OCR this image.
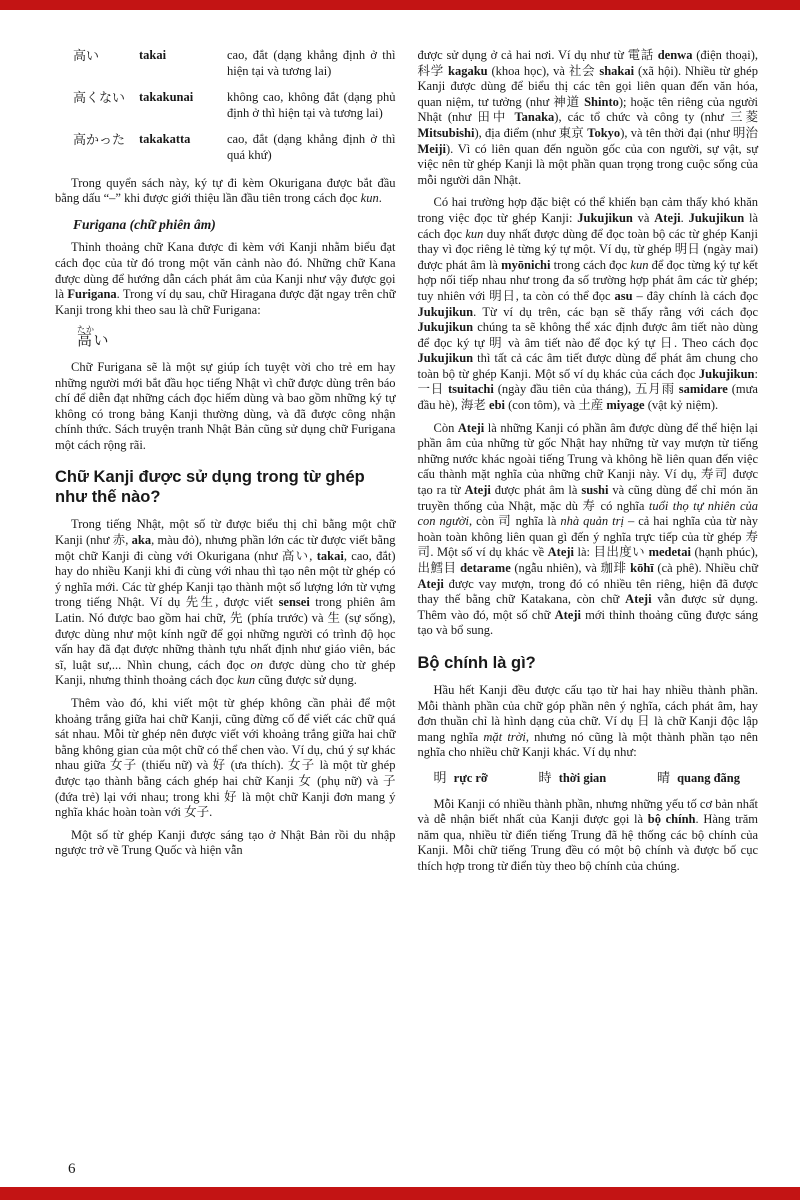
高い	takai	cao, đắt (dạng khẳng định ở thì hiện tại và tương lai)
高くない	takakunai	không cao, không đắt (dạng phủ định ở thì hiện tại và tương lai)
高かった	takakatta	cao, đắt (dạng khẳng định ở thì quá khứ)

Trong quyển sách này, ký tự đi kèm Okurigana được bắt đầu bằng dấu “–” khi được giới thiệu lần đầu tiên trong cách đọc kun.

Furigana (chữ phiên âm)

Thỉnh thoảng chữ Kana được đi kèm với Kanji nhằm biểu đạt cách đọc của từ đó trong một văn cảnh nào đó. Những chữ Kana được dùng để hướng dẫn cách phát âm của Kanji như vậy được gọi là Furigana. Trong ví dụ sau, chữ Hiragana được đặt ngay trên chữ Kanji trong khi theo sau là chữ Furigana:

高たかい

Chữ Furigana sẽ là một sự giúp ích tuyệt vời cho trẻ em hay những người mới bắt đầu học tiếng Nhật vì chữ được dùng trên báo chí để diễn đạt những cách đọc hiếm dùng và bao gồm những ký tự không có trong bảng Kanji thường dùng, và đã được công nhận chính thức. Sách truyện tranh Nhật Bản cũng sử dụng chữ Furigana một cách rộng rãi.

Chữ Kanji được sử dụng trong từ ghép như thế nào?

Trong tiếng Nhật, một số từ được biểu thị chỉ bằng một chữ Kanji (như 赤, aka, màu đỏ), nhưng phần lớn các từ được viết bằng một chữ Kanji đi cùng với Okurigana (như 高い, takai, cao, đắt) hay do nhiều Kanji khi đi cùng với nhau thì tạo nên một từ ghép có ý nghĩa mới. Các từ ghép Kanji tạo thành một số lượng lớn từ vựng trong tiếng Nhật. Ví dụ 先生, được viết sensei trong phiên âm Latin. Nó được bao gồm hai chữ, 先 (phía trước) và 生 (sự sống), được dùng như một kính ngữ để gọi những người có trình độ học vấn hay đã đạt được những thành tựu nhất định như giáo viên, bác sĩ, luật sư,... Nhìn chung, cách đọc on được dùng cho từ ghép Kanji, nhưng thỉnh thoảng cách đọc kun cũng được sử dụng.

Thêm vào đó, khi viết một từ ghép không cần phải để một khoảng trắng giữa hai chữ Kanji, cũng đừng cố để viết các chữ quá sát nhau. Mỗi từ ghép nên được viết với khoảng trắng giữa hai chữ bằng không gian của một chữ có thể chen vào. Ví dụ, chú ý sự khác nhau giữa 女子 (thiếu nữ) và 好 (ưa thích). 女子 là một từ ghép được tạo thành bằng cách ghép hai chữ Kanji 女 (phụ nữ) và 子 (đứa trẻ) lại với nhau; trong khi 好 là một chữ Kanji đơn mang ý nghĩa khác hoàn toàn với 女子.

Một số từ ghép Kanji được sáng tạo ở Nhật Bản rồi du nhập ngược trở về Trung Quốc và hiện vẫn

được sử dụng ở cả hai nơi. Ví dụ như từ 電話 denwa (điện thoại), 科学 kagaku (khoa học), và 社会 shakai (xã hội). Nhiều từ ghép Kanji được dùng để biểu thị các tên gọi liên quan đến văn hóa, quan niệm, tư tưởng (như 神道 Shinto); hoặc tên riêng của người Nhật (như 田中 Tanaka), các tổ chức và công ty (như 三菱 Mitsubishi), địa điểm (như 東京 Tokyo), và tên thời đại (như 明治 Meiji). Vì có liên quan đến nguồn gốc của con người, sự vật, sự việc nên từ ghép Kanji là một phần quan trọng trong cuộc sống của mỗi người dân Nhật.

Có hai trường hợp đặc biệt có thể khiến bạn cảm thấy khó khăn trong việc đọc từ ghép Kanji: Jukujikun và Ateji. Jukujikun là cách đọc kun duy nhất được dùng để đọc toàn bộ các từ ghép Kanji thay vì đọc riêng lẻ từng ký tự một. Ví dụ, từ ghép 明日 (ngày mai) được phát âm là myōnichi trong cách đọc kun để đọc từng ký tự kết hợp nối tiếp nhau như trong đa số trường hợp phát âm các từ ghép; tuy nhiên với 明日, ta còn có thể đọc asu – đây chính là cách đọc Jukujikun. Từ ví dụ trên, các bạn sẽ thấy rằng với cách đọc Jukujikun chúng ta sẽ không thể xác định được âm tiết nào dùng để đọc ký tự 明 và âm tiết nào để đọc ký tự 日. Theo cách đọc Jukujikun thì tất cả các âm tiết được dùng để phát âm chung cho toàn bộ từ ghép Kanji. Một số ví dụ khác của cách đọc Jukujikun: 一日 tsuitachi (ngày đầu tiên của tháng), 五月雨 samidare (mưa đầu hè), 海老 ebi (con tôm), và 土産 miyage (vật kỷ niệm).

Còn Ateji là những Kanji có phần âm được dùng để thể hiện lại phần âm của những từ gốc Nhật hay những từ vay mượn từ tiếng những nước khác ngoài tiếng Trung và không hề liên quan đến việc cấu thành mặt nghĩa của những chữ Kanji này. Ví dụ, 寿司 được tạo ra từ Ateji được phát âm là sushi và cũng dùng để chỉ món ăn truyền thống của Nhật, mặc dù 寿 có nghĩa tuổi thọ tự nhiên của con người, còn 司 nghĩa là nhà quản trị – cả hai nghĩa của từ này hoàn toàn không liên quan gì đến ý nghĩa trực tiếp của từ ghép 寿司. Một số ví dụ khác về Ateji là: 目出度い medetai (hạnh phúc), 出鱈目 detarame (ngẫu nhiên), và 珈琲 kōhī (cà phê). Nhiều chữ Ateji được vay mượn, trong đó có nhiều tên riêng, hiện đã được thay thế bằng chữ Katakana, còn chữ Ateji vẫn được sử dụng. Thêm vào đó, một số chữ Ateji mới thỉnh thoảng cũng được sáng tạo và bổ sung.

Bộ chính là gì?

Hầu hết Kanji đều được cấu tạo từ hai hay nhiều thành phần. Mỗi thành phần của chữ góp phần nên ý nghĩa, cách phát âm, hay đơn thuần chỉ là hình dạng của chữ. Ví dụ 日 là chữ Kanji độc lập mang nghĩa mặt trời, nhưng nó cũng là một thành phần tạo nên nghĩa cho nhiều chữ Kanji khác. Ví dụ như:

明 rực rỡ	時 thời gian	晴 quang đãng

Mỗi Kanji có nhiều thành phần, nhưng những yếu tố cơ bản nhất và dễ nhận biết nhất của Kanji được gọi là bộ chính. Hàng trăm năm qua, nhiều từ điển tiếng Trung đã hệ thống các bộ chính của Kanji. Mỗi chữ tiếng Trung đều có một bộ chính và được bố cục thích hợp trong từ điển tùy theo bộ chính của chúng.

6
